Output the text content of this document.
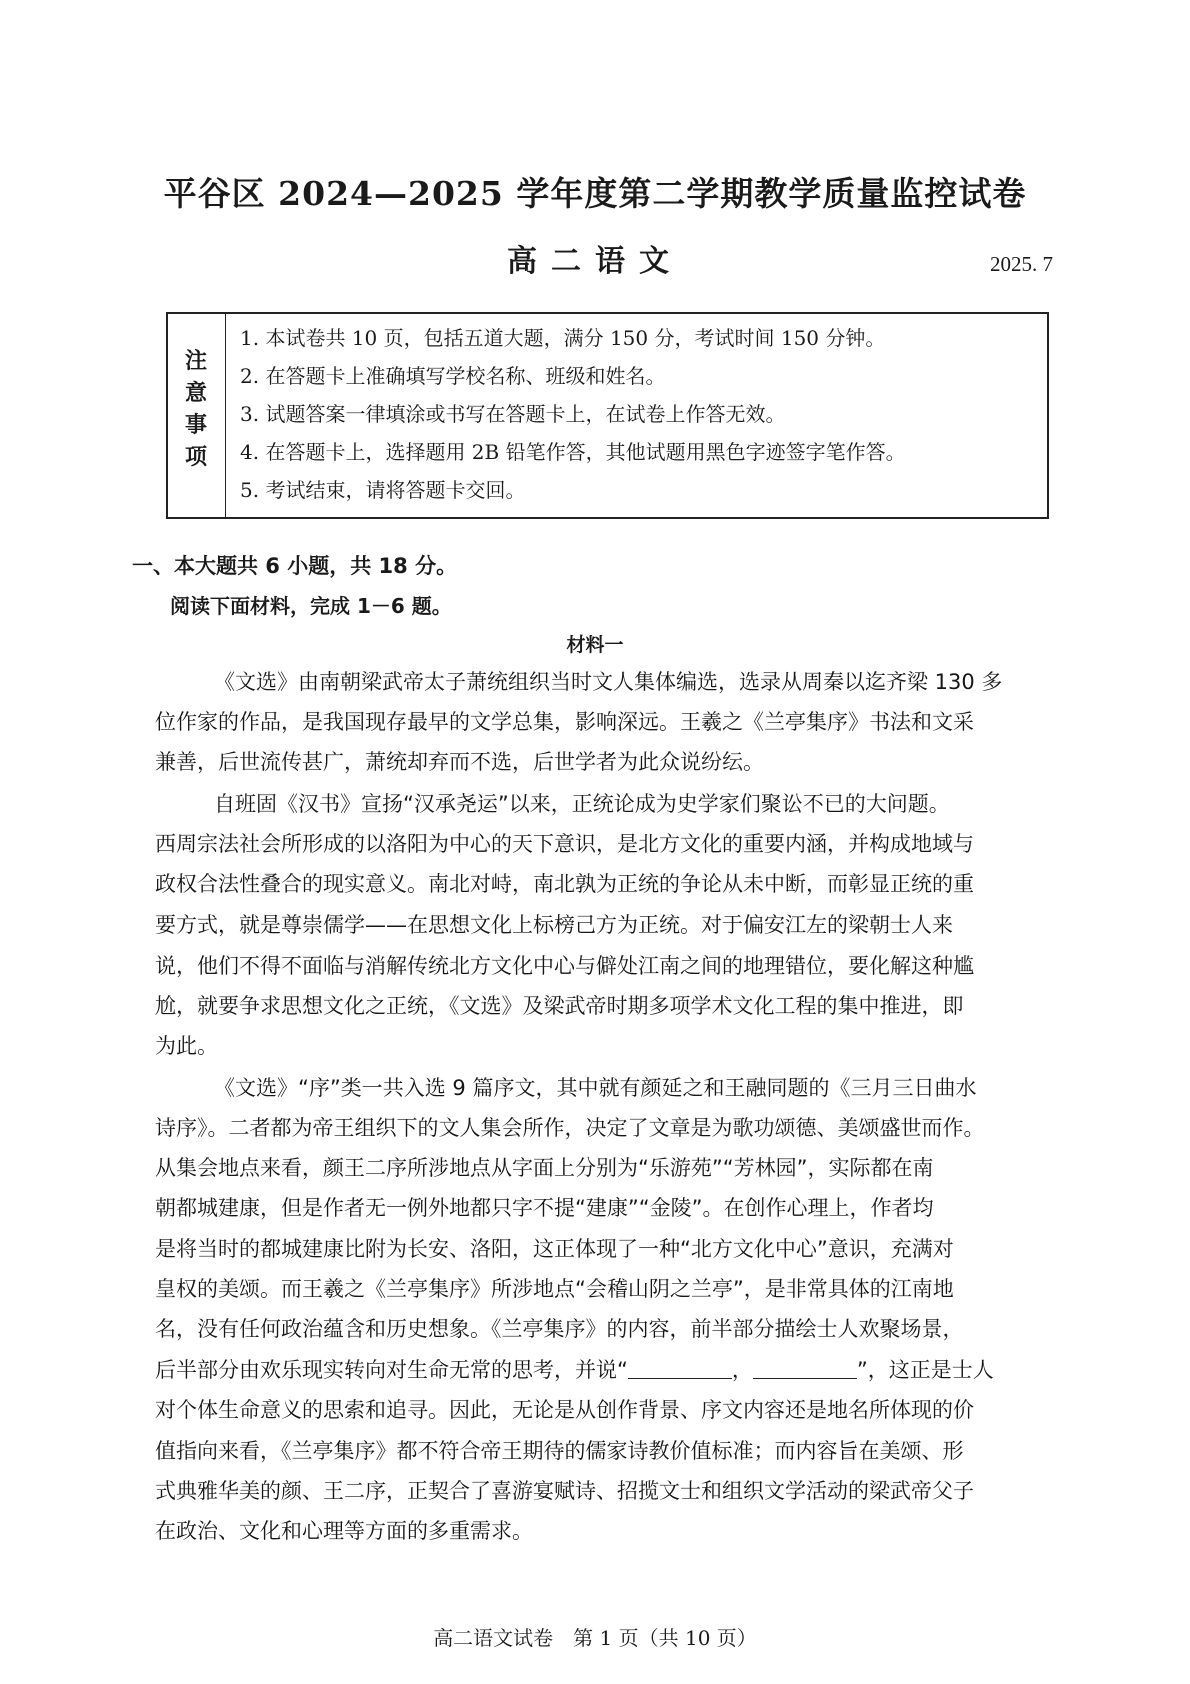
平谷区 2024—2025 学年度第二学期教学质量监控试卷
高二语文	2025. 7
注
意
事
项
1. 本试卷共 10 页，包括五道大题，满分 150 分，考试时间 150 分钟。
2. 在答题卡上准确填写学校名称、班级和姓名。
3. 试题答案一律填涂或书写在答题卡上，在试卷上作答无效。
4. 在答题卡上，选择题用 2B 铅笔作答，其他试题用黑色字迹签字笔作答。
5. 考试结束，请将答题卡交回。
一、本大题共 6 小题，共 18 分。
阅读下面材料，完成 1－6 题。
材料一
《文选》由南朝梁武帝太子萧统组织当时文人集体编选，选录从周秦以迄齐梁 130 多
位作家的作品，是我国现存最早的文学总集，影响深远。王羲之《兰亭集序》书法和文采
兼善，后世流传甚广，萧统却弃而不选，后世学者为此众说纷纭。
自班固《汉书》宣扬“汉承尧运”以来，正统论成为史学家们聚讼不已的大问题。
西周宗法社会所形成的以洛阳为中心的天下意识，是北方文化的重要内涵，并构成地域与
政权合法性叠合的现实意义。南北对峙，南北孰为正统的争论从未中断，而彰显正统的重
要方式，就是尊崇儒学——在思想文化上标榜己方为正统。对于偏安江左的梁朝士人来
说，他们不得不面临与消解传统北方文化中心与僻处江南之间的地理错位，要化解这种尴
尬，就要争求思想文化之正统，《文选》及梁武帝时期多项学术文化工程的集中推进，即
为此。
《文选》“序”类一共入选 9 篇序文，其中就有颜延之和王融同题的《三月三日曲水
诗序》。二者都为帝王组织下的文人集会所作，决定了文章是为歌功颂德、美颂盛世而作。
从集会地点来看，颜王二序所涉地点从字面上分别为“乐游苑”“芳林园”，实际都在南
朝都城建康，但是作者无一例外地都只字不提“建康”“金陵”。在创作心理上，作者均
是将当时的都城建康比附为长安、洛阳，这正体现了一种“北方文化中心”意识，充满对
皇权的美颂。而王羲之《兰亭集序》所涉地点“会稽山阴之兰亭”，是非常具体的江南地
名，没有任何政治蕴含和历史想象。《兰亭集序》的内容，前半部分描绘士人欢聚场景，
后半部分由欢乐现实转向对生命无常的思考，并说“	，	”，这正是士人
对个体生命意义的思索和追寻。因此，无论是从创作背景、序文内容还是地名所体现的价
值指向来看，《兰亭集序》都不符合帝王期待的儒家诗教价值标准；而内容旨在美颂、形
式典雅华美的颜、王二序，正契合了喜游宴赋诗、招揽文士和组织文学活动的梁武帝父子
在政治、文化和心理等方面的多重需求。
高二语文试卷　第 1 页（共 10 页）
